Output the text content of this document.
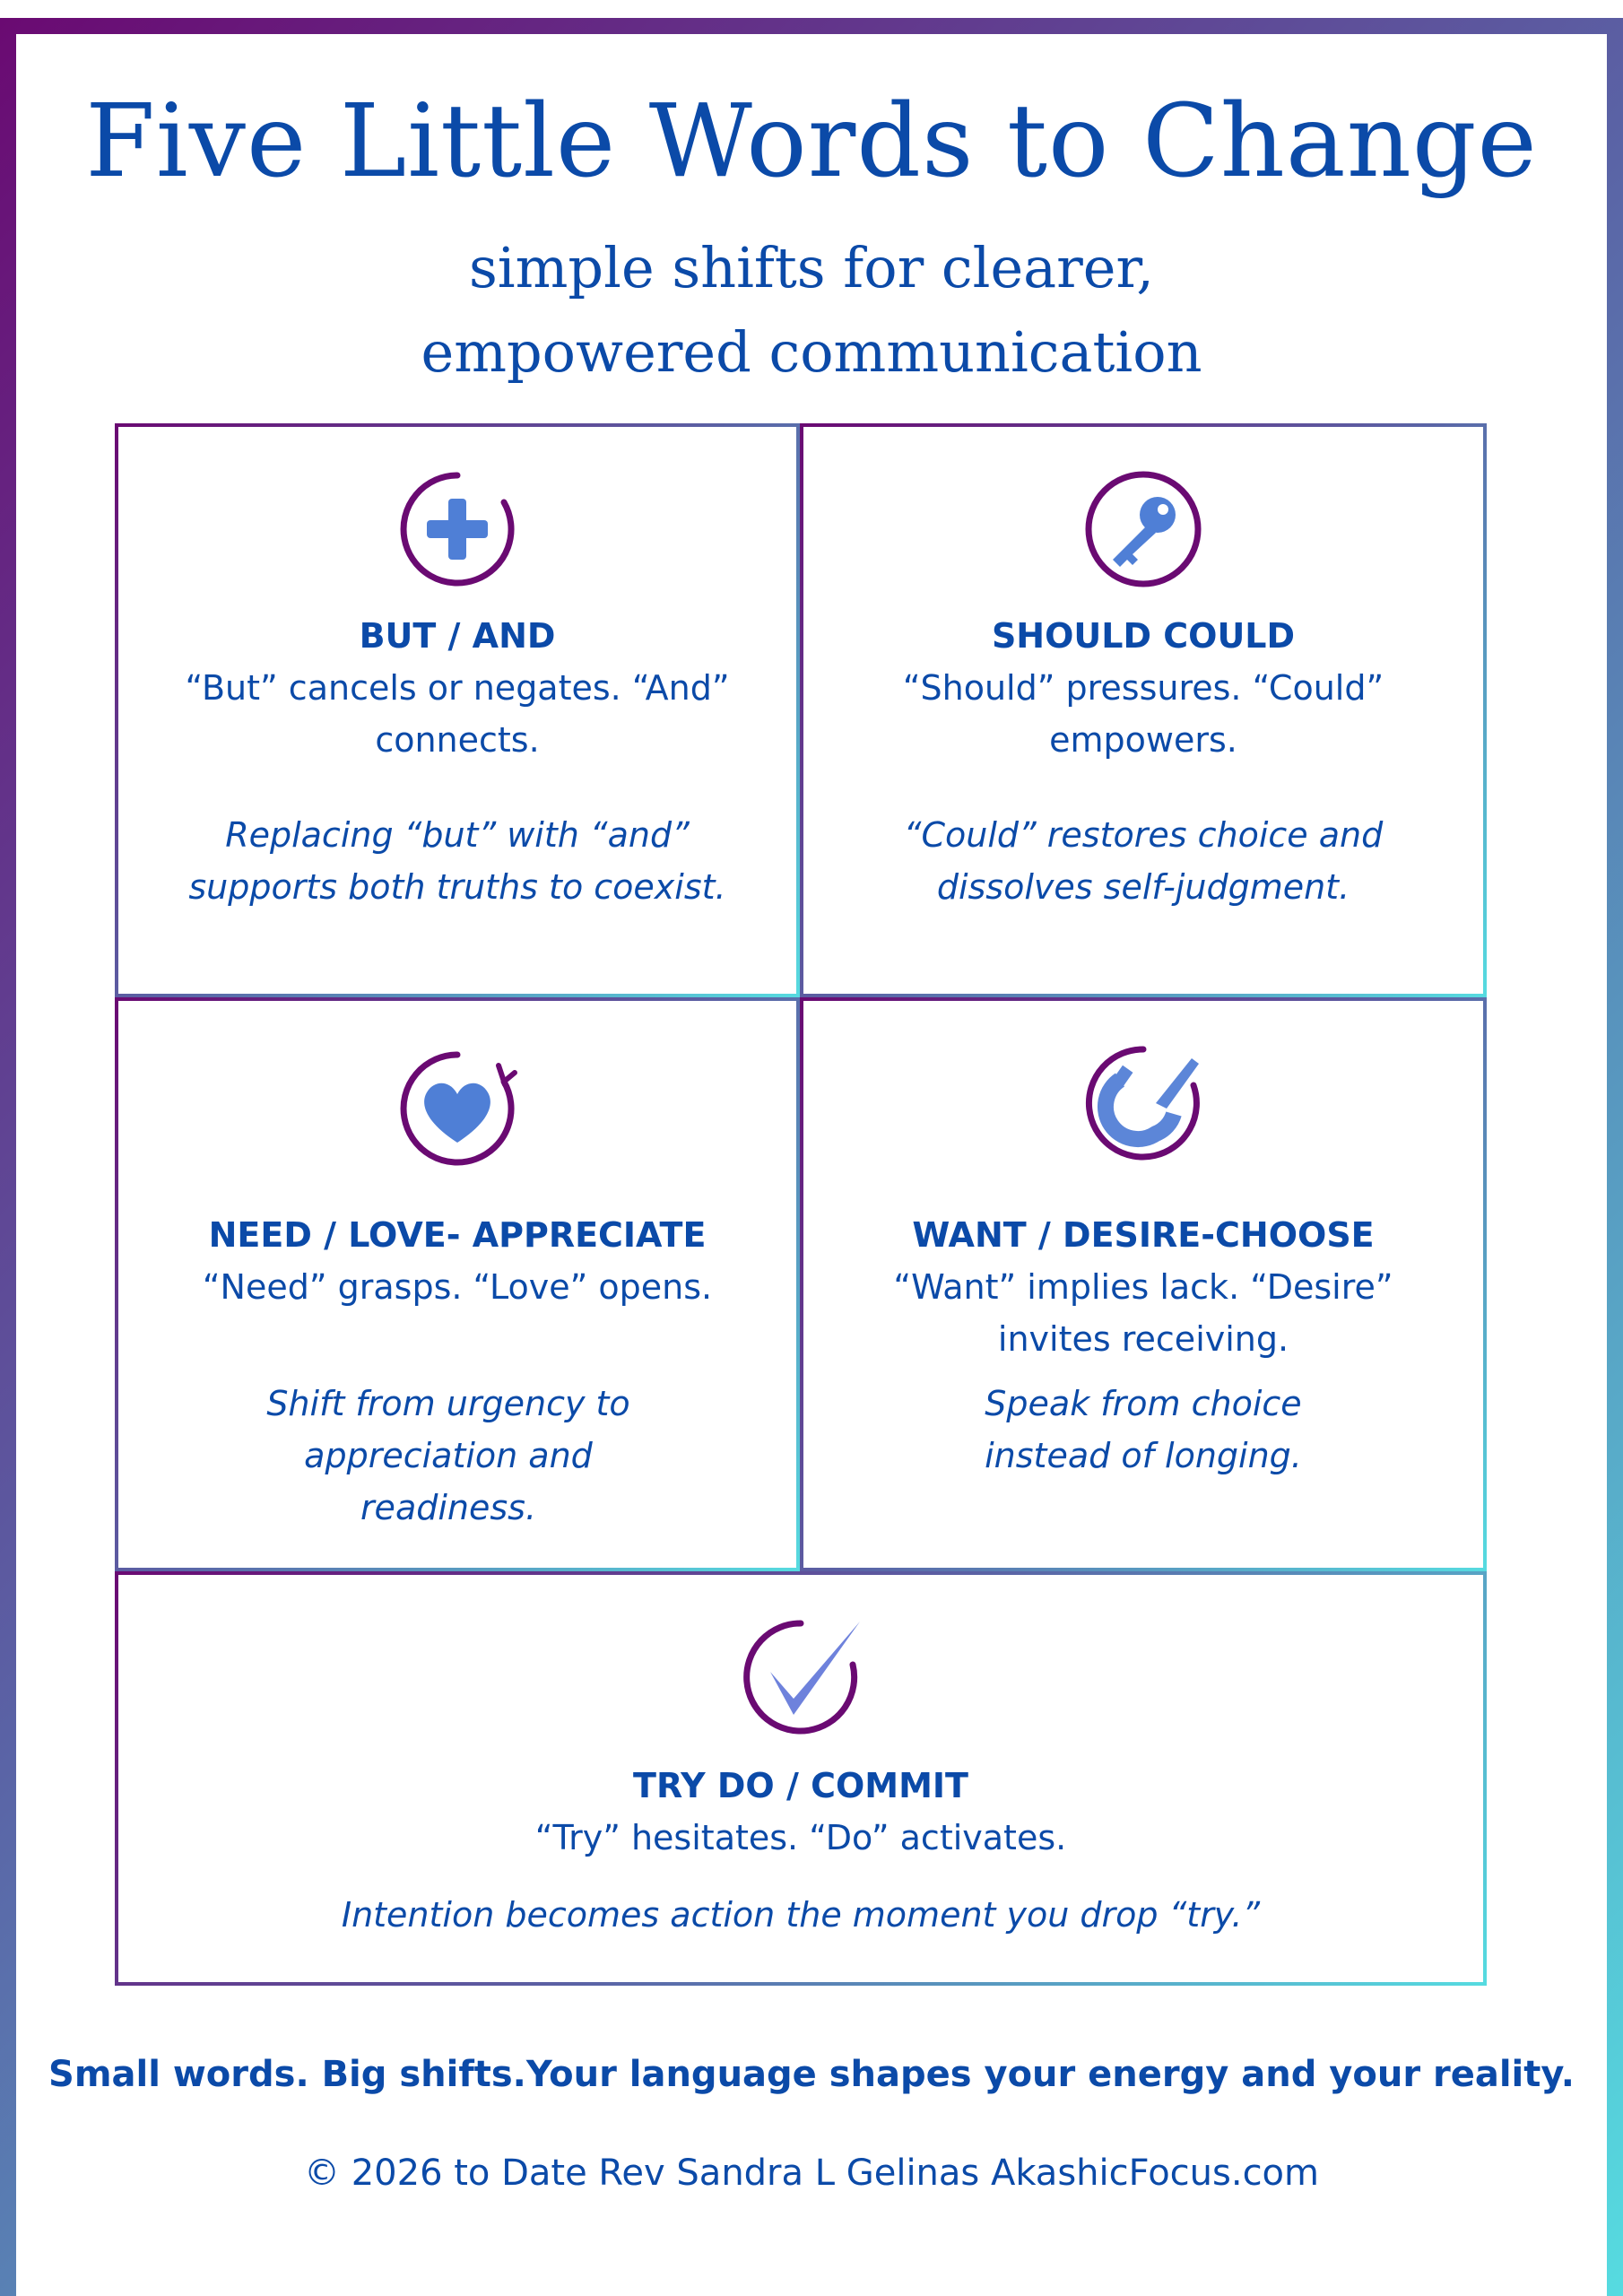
Five Little Words to Change

simple shifts for clearer, empowered communication

BUT / AND
“But” cancels or negates. “And” connects.
Replacing “but” with “and” supports both truths to coexist.
SHOULD COULD
“Should” pressures. “Could” empowers.
“Could” restores choice and dissolves self-judgment.
NEED / LOVE- APPRECIATE
“Need” grasps. “Love” opens.
Shift from urgency to appreciation and readiness.
WANT / DESIRE-CHOOSE
“Want” implies lack. “Desire” invites receiving.
Speak from choice instead of longing.
TRY DO / COMMIT
“Try” hesitates. “Do” activates.
Intention becomes action the moment you drop “try.”
Small words. Big shifts.Your language shapes your energy and your reality.
© 2026 to Date Rev Sandra L Gelinas AkashicFocus.com
